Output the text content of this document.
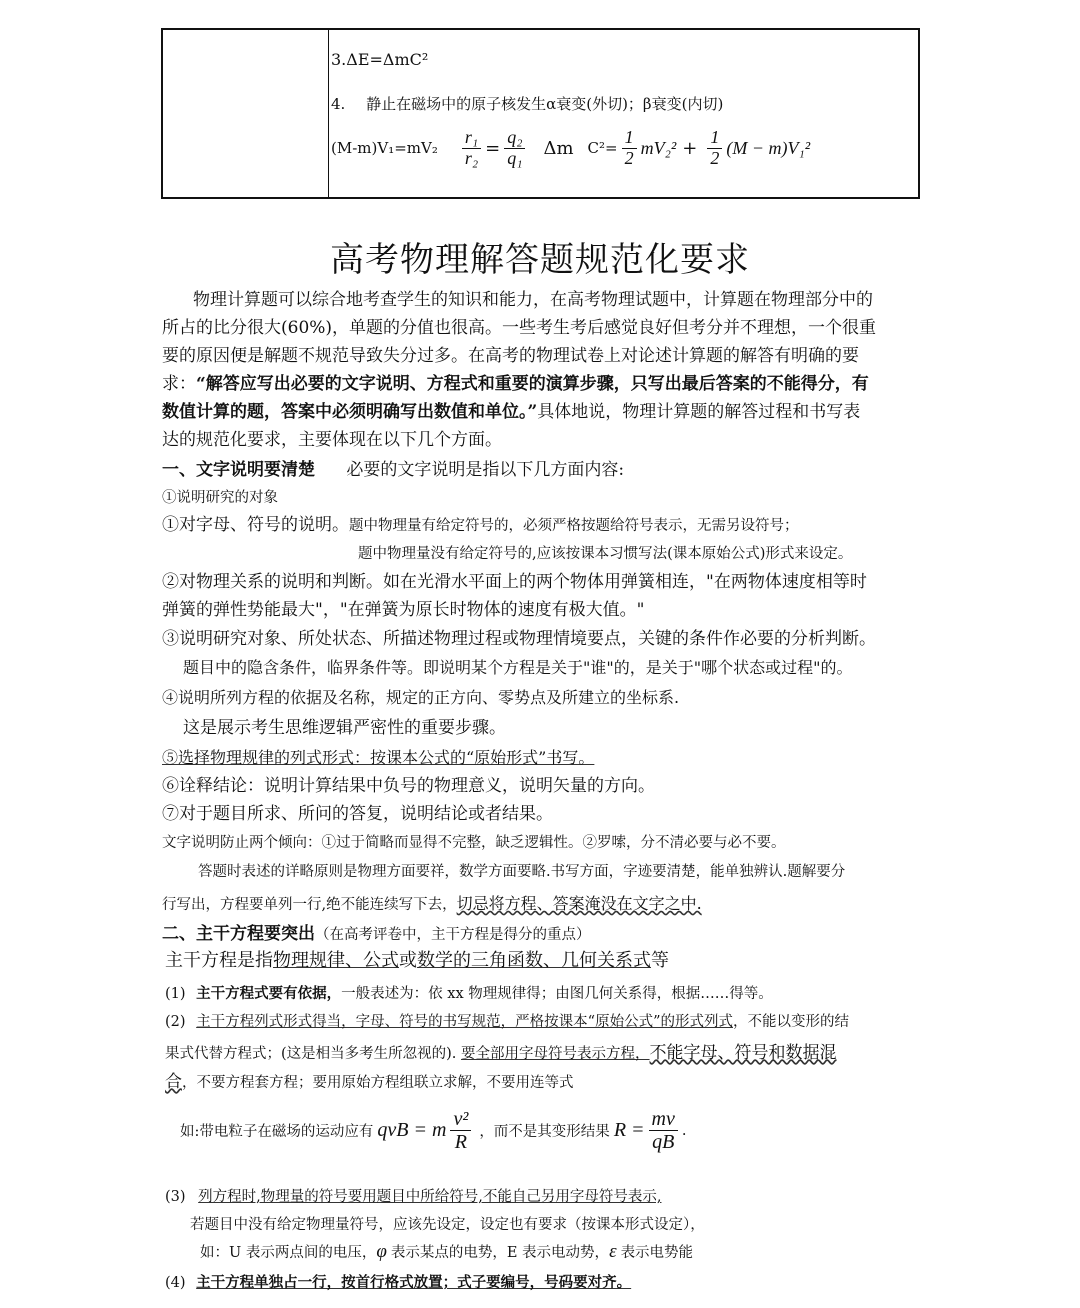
3.ΔE=ΔmC²
4. 静止在磁场中的原子核发生α衰变(外切)；β衰变(内切)
$(M-m)V_1=mV_2 \frac{\text{r₁}}{\text{r₂}} = \frac{\text{q₂}}{\text{q₁}}$ Δm $C^2= \frac{1}{2} mV_2^2 + \frac{1}{2} (M - m)V_1^2$
高考物理解答题规范化要求
物理计算题可以综合地考查学生的知识和能力，在高考物理试题中，计算题在物理部分中的
所占的比分很大(60%)，单题的分值也很高。一些考生考后感觉良好但考分并不理想，一个很重
要的原因便是解题不规范导致失分过多。在高考的物理试卷上对论述计算题的解答有明确的要
求：“解答应写出必要的文字说明、方程式和重要的演算步骤，只写出最后答案的不能得分，有
数值计算的题，答案中必须明确写出数值和单位。”具体地说，物理计算题的解答过程和书写表
达的规范化要求，主要体现在以下几个方面。
一、文字说明要清楚 必要的文字说明是指以下几方面内容:
①说明研究的对象
①对字母、符号的说明。题中物理量有给定符号的，必须严格按题给符号表示，无需另设符号；
题中物理量没有给定符号的,应该按课本习惯写法(课本原始公式)形式来设定。
②对物理关系的说明和判断。如在光滑水平面上的两个物体用弹簧相连，"在两物体速度相等时
弹簧的弹性势能最大"，"在弹簧为原长时物体的速度有极大值。"
③说明研究对象、所处状态、所描述物理过程或物理情境要点，关键的条件作必要的分析判断。
题目中的隐含条件，临界条件等。即说明某个方程是关于"谁"的，是关于"哪个状态或过程"的。
④说明所列方程的依据及名称，规定的正方向、零势点及所建立的坐标系.
这是展示考生思维逻辑严密性的重要步骤。
⑤选择物理规律的列式形式：按课本公式的“原始形式”书写。
⑥诠释结论：说明计算结果中负号的物理意义，说明矢量的方向。
⑦对于题目所求、所问的答复，说明结论或者结果。
文字说明防止两个倾向：①过于简略而显得不完整，缺乏逻辑性。②罗嗦，分不清必要与必不要。
答题时表述的详略原则是物理方面要祥，数学方面要略.书写方面，字迹要清楚，能单独辨认.题解要分
行写出，方程要单列一行,绝不能连续写下去，切忌将方程、答案淹没在文字之中.
二、主干方程要突出（在高考评卷中，主干方程是得分的重点）
主干方程是指物理规律、公式或数学的三角函数、几何关系式等
(1) 主干方程式要有依据，一般表述为：依 xx 物理规律得；由图几何关系得，根据……得等。
(2) 主干方程列式形式得当，字母、符号的书写规范，严格按课本“原始公式”的形式列式，不能以变形的结
果式代替方程式；(这是相当多考生所忽视的). 要全部用字母符号表示方程，不能字母、符号和数据混
合，不要方程套方程；要用原始方程组联立求解，不要用连等式
如:带电粒子在磁场的运动应有 qvB = m $\frac{\text{v²}}{R}$ ，而不是其变形结果 $R = \frac{mv}{qB}$ .
(3) 列方程时,物理量的符号要用题目中所给符号,不能自己另用字母符号表示,
若题目中没有给定物理量符号，应该先设定，设定也有要求（按课本形式设定），
如：U 表示两点间的电压，φ 表示某点的电势，E 表示电动势，ε 表示电势能
(4) 主干方程单独占一行，按首行格式放置；式子要编号，号码要对齐。
